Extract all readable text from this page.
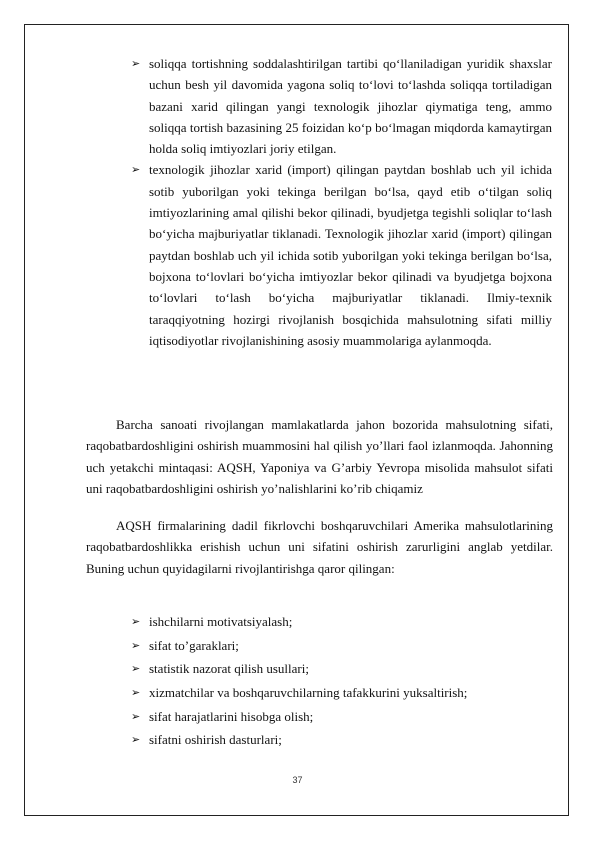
➢ soliqqa tortishning soddalashtirilgan tartibi qo‘llaniladigan yuridik shaxslar uchun besh yil davomida yagona soliq to‘lovi to‘lashda soliqqa tortiladigan bazani xarid qilingan yangi texnologik jihozlar qiymatiga teng, ammo soliqqa tortish bazasining 25 foizidan ko‘p bo‘lmagan miqdorda kamaytirgan holda soliq imtiyozlari joriy etilgan.
➢ texnologik jihozlar xarid (import) qilingan paytdan boshlab uch yil ichida sotib yuborilgan yoki tekinga berilgan bo‘lsa, qayd etib o‘tilgan soliq imtiyozlarining amal qilishi bekor qilinadi, byudjetga tegishli soliqlar to‘lash bo‘yicha majburiyatlar tiklanadi. Texnologik jihozlar xarid (import) qilingan paytdan boshlab uch yil ichida sotib yuborilgan yoki tekinga berilgan bo‘lsa, bojxona to‘lovlari bo‘yicha imtiyozlar bekor qilinadi va byudjetga bojxona to‘lovlari to‘lash bo‘yicha majburiyatlar tiklanadi. Ilmiy-texnik taraqqiyotning hozirgi rivojlanish bosqichida mahsulotning sifati milliy iqtisodiyotlar rivojlanishining asosiy muammolariga aylanmoqda.

Barcha sanoati rivojlangan mamlakatlarda jahon bozorida mahsulotning sifati, raqobatbardoshligini oshirish muammosini hal qilish yo’llari faol izlanmoqda. Jahonning uch yetakchi mintaqasi: AQSH, Yaponiya va G’arbiy Yevropa misolida mahsulot sifati uni raqobatbardoshligini oshirish yo’nalishlarini ko’rib chiqamiz

AQSH firmalarining dadil fikrlovchi boshqaruvchilari Amerika mahsulotlarining raqobatbardoshlikka erishish uchun uni sifatini oshirish zarurligini anglab yetdilar. Buning uchun quyidagilarni rivojlantirishga qaror qilingan:

➢ ishchilarni motivatsiyalash;
➢ sifat to’garaklari;
➢ statistik nazorat qilish usullari;
➢ xizmatchilar va boshqaruvchilarning tafakkurini yuksaltirish;
➢ sifat harajatlarini hisobga olish;
➢ sifatni oshirish dasturlari;
37
